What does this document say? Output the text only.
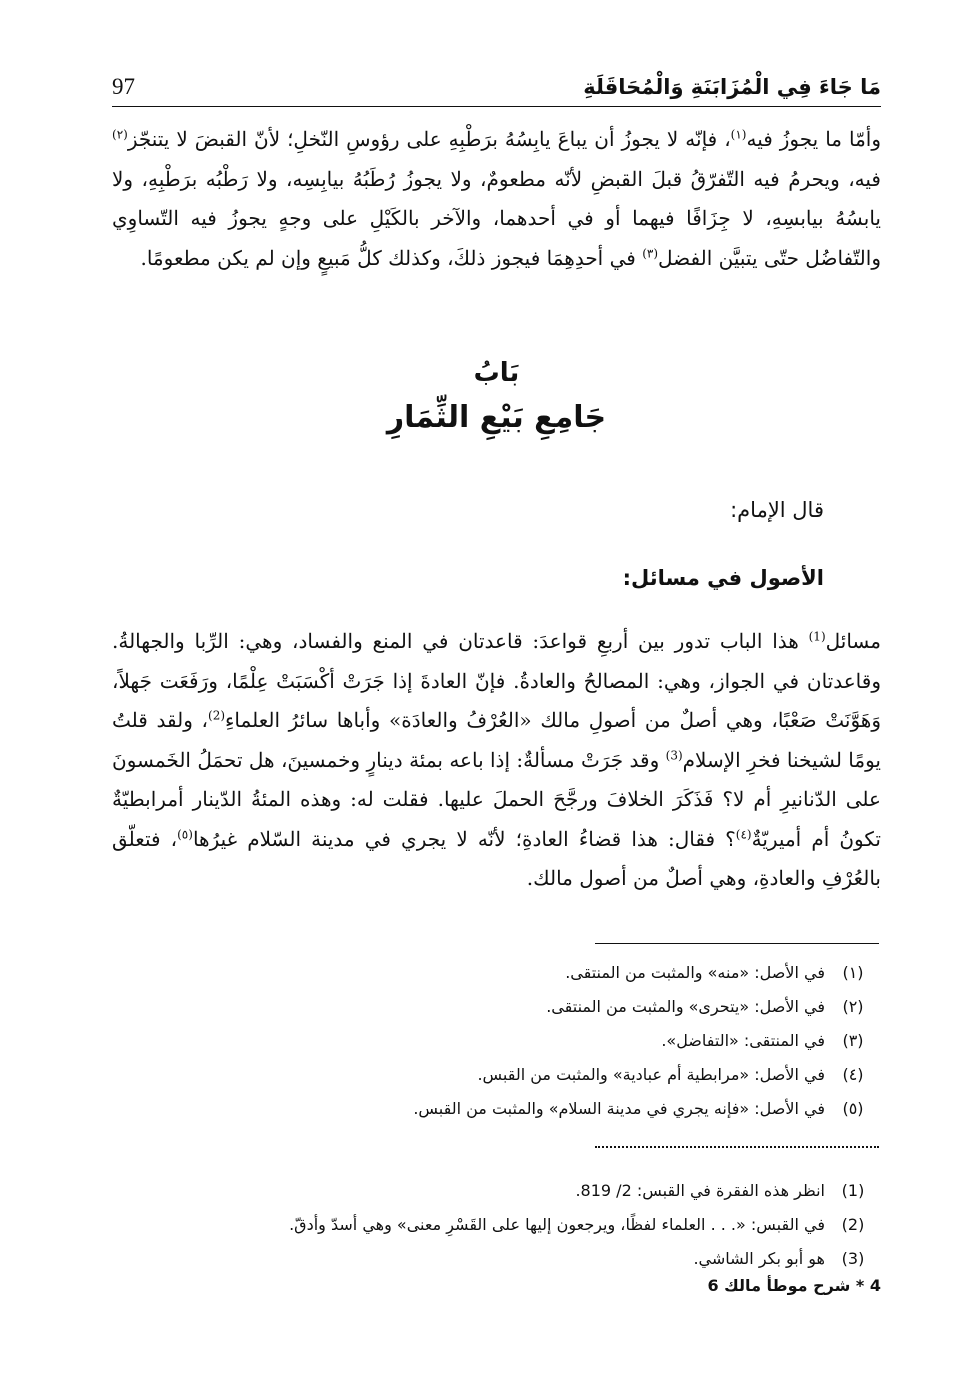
مَا جَاءَ فِي الْمُزَابَنَةِ وَالْمُحَاقَلَةِ
97

وأمّا ما يجوزُ فيه$^{(١)}$، فإنّه لا يجوزُ أن يباعَ يابِسُهُ برَطْبِهِ على رؤوسِ النّخلِ؛ لأنّ القبضَ لا يتنجّز$^{(٢)}$ فيه، ويحرمُ فيه التّفرّقُ قبلَ القبضِ لأنّه مطعومٌ، ولا يجوزُ رُطَبُهُ بيابِسِه، ولا رَطْبُه برَطْبِهِ، ولا يابسُهُ بيابسِهِ، لا جِزَافًا فيهما أو في أحدهما، والآخر بالكَيْلِ على وجهٍ يجوزُ فيه التّساوِي والتّفاضُل حتّى يتبيَّن الفضل$^{(٣)}$ في أحدِهِمَا فيجوز ذلكَ، وكذلك كلُّ مَبيعٍ وإن لم يكن مطعومًا.

بَابُ
جَامِعِ بَيْعِ الثِّمَارِ
قال الإمام:
الأصول في مسائل:

مسائل$^{(1)}$ هذا الباب تدور بين أربعِ قواعدَ: قاعدتان في المنع والفساد، وهي: الرِّبا والجهالةُ. وقاعدتان في الجواز، وهي: المصالحُ والعادةُ. فإنّ العادةَ إذا جَرَتْ أكْسَبَتْ عِلْمًا، ورَفَعَت جَهلاً، وَهَوَّنَتْ صَعْبًا، وهي أصلٌ من أصولِ مالك «العُرْفُ والعادَة» وأباها سائرُ العلماءِ$^{(2)}$، ولقد قلتُ يومًا لشيخنا فخرِ الإسلام$^{(3)}$ وقد جَرَتْ مسألةٌ: إذا باعه بمئة دينارٍ وخمسينَ، هل تحمَلُ الخَمسونَ على الدّنانيرِ أم لا؟ فَذَكَرَ الخلافَ ورجَّحَ الحملَ عليها. فقلت له: وهذه المئةُ الدّينار أمرابطيّةٌ تكونُ أم أميريّةٌ$^{(٤)}$؟ فقال: هذا قضاءُ العادةِ؛ لأنّه لا يجري في مدينة السّلام غيرُها$^{(٥)}$، فتعلّق بالعُرْفِ والعادةِ، وهي أصلٌ من أصول مالك.

(١)
في الأصل: «منه» والمثبت من المنتقى.
(٢)
في الأصل: «يتحرى» والمثبت من المنتقى.
(٣)
في المنتقى: «التفاضل».
(٤)
في الأصل: «مرابطية أم عبادية» والمثبت من القبس.
(٥)
في الأصل: «فإنه يجري في مدينة السلام» والمثبت من القبس.
(1)
انظر هذه الفقرة في القبس: 2/ 819.
(2)
في القبس: «. . . العلماء لفظًا، ويرجعون إليها على القَسْرِ معنى» وهي أسدّ وأدقّ.
(3)
هو أبو بكر الشاشي.
4 * شرح موطأ مالك 6
